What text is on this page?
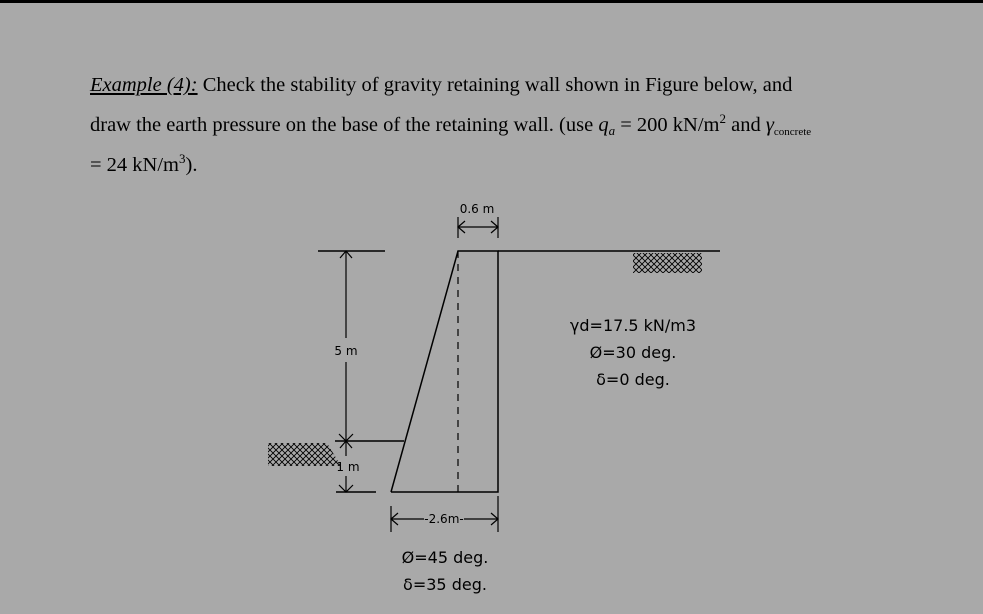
Example (4): Check the stability of gravity retaining wall shown in Figure below, and
draw the earth pressure on the base of the retaining wall. (use qa = 200 $kN/m^2$ and γconcrete
= 24 $kN/m^3$).
0.6 m
5 m
1 m
-2.6m-
γd=17.5 kN/m3
Ø=30 deg.
δ=0 deg.
Ø=45 deg.
δ=35 deg.
